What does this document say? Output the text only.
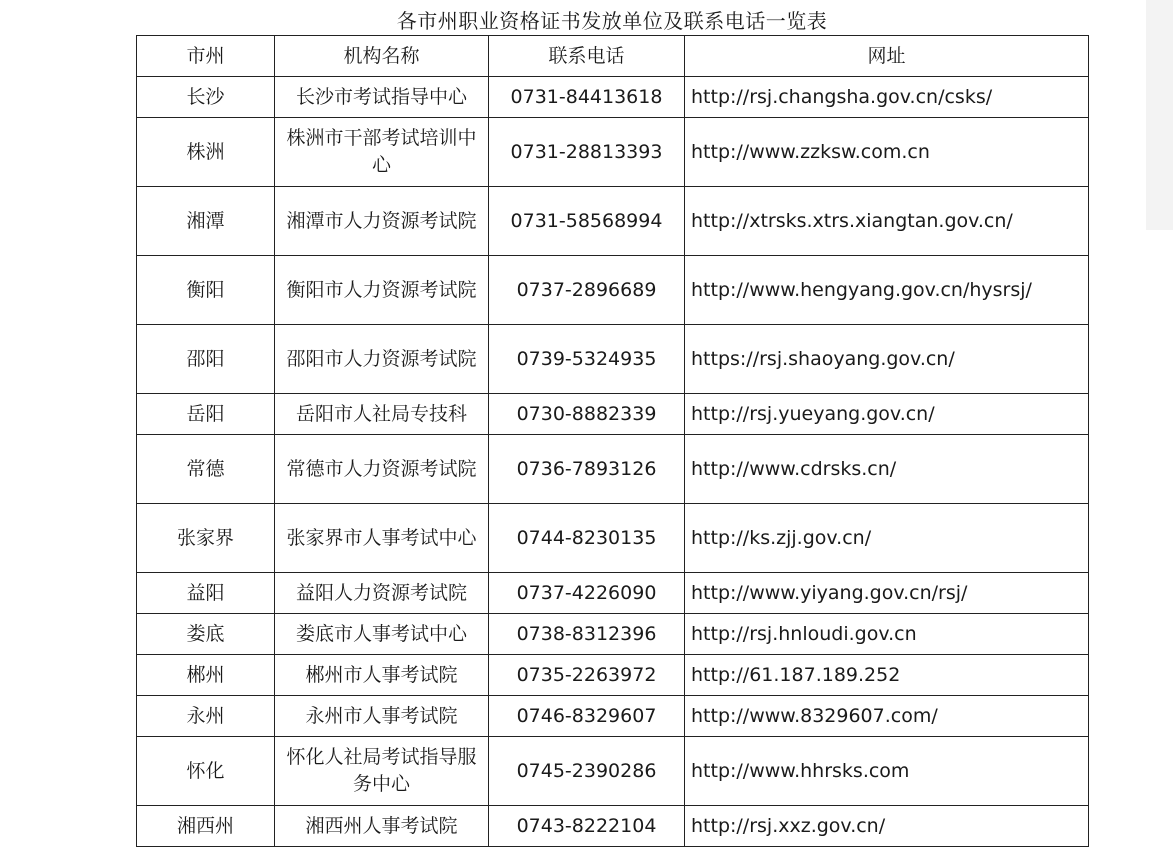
各市州职业资格证书发放单位及联系电话一览表
市州	机构名称	联系电话	网址
长沙	长沙市考试指导中心	0731-84413618	http://rsj.changsha.gov.cn/csks/
株洲	株洲市干部考试培训中心	0731-28813393	http://www.zzksw.com.cn
湘潭	湘潭市人力资源考试院	0731-58568994	http://xtrsks.xtrs.xiangtan.gov.cn/
衡阳	衡阳市人力资源考试院	0737-2896689	http://www.hengyang.gov.cn/hysrsj/
邵阳	邵阳市人力资源考试院	0739-5324935	https://rsj.shaoyang.gov.cn/
岳阳	岳阳市人社局专技科	0730-8882339	http://rsj.yueyang.gov.cn/
常德	常德市人力资源考试院	0736-7893126	http://www.cdrsks.cn/
张家界	张家界市人事考试中心	0744-8230135	http://ks.zjj.gov.cn/
益阳	益阳人力资源考试院	0737-4226090	http://www.yiyang.gov.cn/rsj/
娄底	娄底市人事考试中心	0738-8312396	http://rsj.hnloudi.gov.cn
郴州	郴州市人事考试院	0735-2263972	http://61.187.189.252
永州	永州市人事考试院	0746-8329607	http://www.8329607.com/
怀化	怀化人社局考试指导服务中心	0745-2390286	http://www.hhrsks.com
湘西州	湘西州人事考试院	0743-8222104	http://rsj.xxz.gov.cn/
